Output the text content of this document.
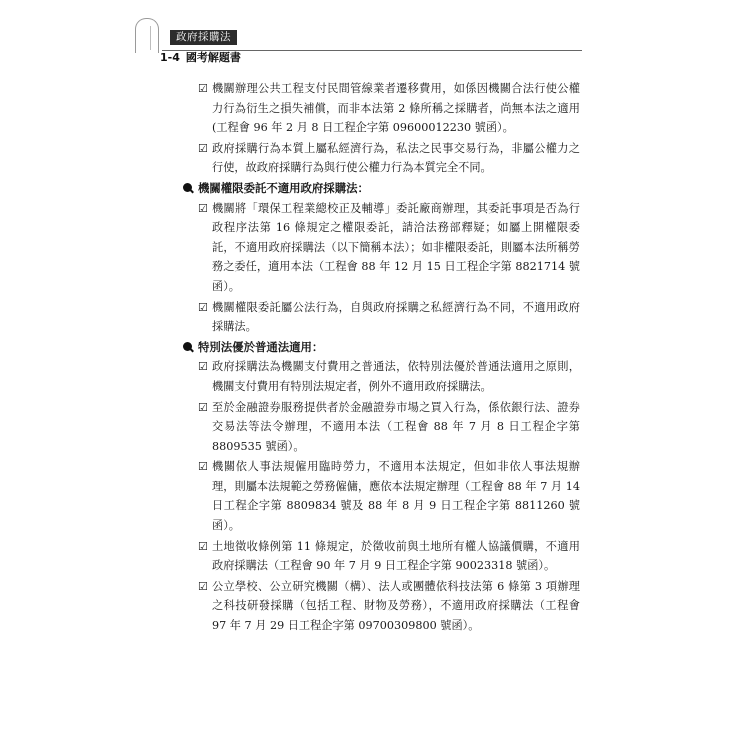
政府採購法
1-4 國考解題書
☑ 機關辦理公共工程支付民間管線業者遷移費用，如係因機關合法行使公權力行為衍生之損失補償，而非本法第 2 條所稱之採購者，尚無本法之適用(工程會 96 年 2 月 8 日工程企字第 09600012230 號函）。
☑ 政府採購行為本質上屬私經濟行為，私法之民事交易行為，非屬公權力之行使，故政府採購行為與行使公權力行為本質完全不同。
機關權限委託不適用政府採購法：
☑ 機關將「環保工程業總校正及輔導」委託廠商辦理，其委託事項是否為行政程序法第 16 條規定之權限委託，請洽法務部釋疑；如屬上開權限委託，不適用政府採購法（以下簡稱本法）；如非權限委託，則屬本法所稱勞務之委任，適用本法（工程會 88 年 12 月 15 日工程企字第 8821714 號函）。
☑ 機關權限委託屬公法行為，自與政府採購之私經濟行為不同，不適用政府採購法。
特別法優於普通法適用：
☑ 政府採購法為機關支付費用之普通法，依特別法優於普通法適用之原則，機關支付費用有特別法規定者，例外不適用政府採購法。
☑ 至於金融證券服務提供者於金融證券市場之買入行為，係依銀行法、證券交易法等法令辦理，不適用本法（工程會 88 年 7 月 8 日工程企字第 8809535 號函）。
☑ 機關依人事法規僱用臨時勞力，不適用本法規定，但如非依人事法規辦理，則屬本法規範之勞務僱傭，應依本法規定辦理（工程會 88 年 7 月 14 日工程企字第 8809834 號及 88 年 8 月 9 日工程企字第 8811260 號函）。
☑ 土地徵收條例第 11 條規定，於徵收前與土地所有權人協議價購，不適用政府採購法（工程會 90 年 7 月 9 日工程企字第 90023318 號函）。
☑ 公立學校、公立研究機關（構）、法人或團體依科技法第 6 條第 3 項辦理之科技研發採購（包括工程、財物及勞務），不適用政府採購法（工程會 97 年 7 月 29 日工程企字第 09700309800 號函）。
